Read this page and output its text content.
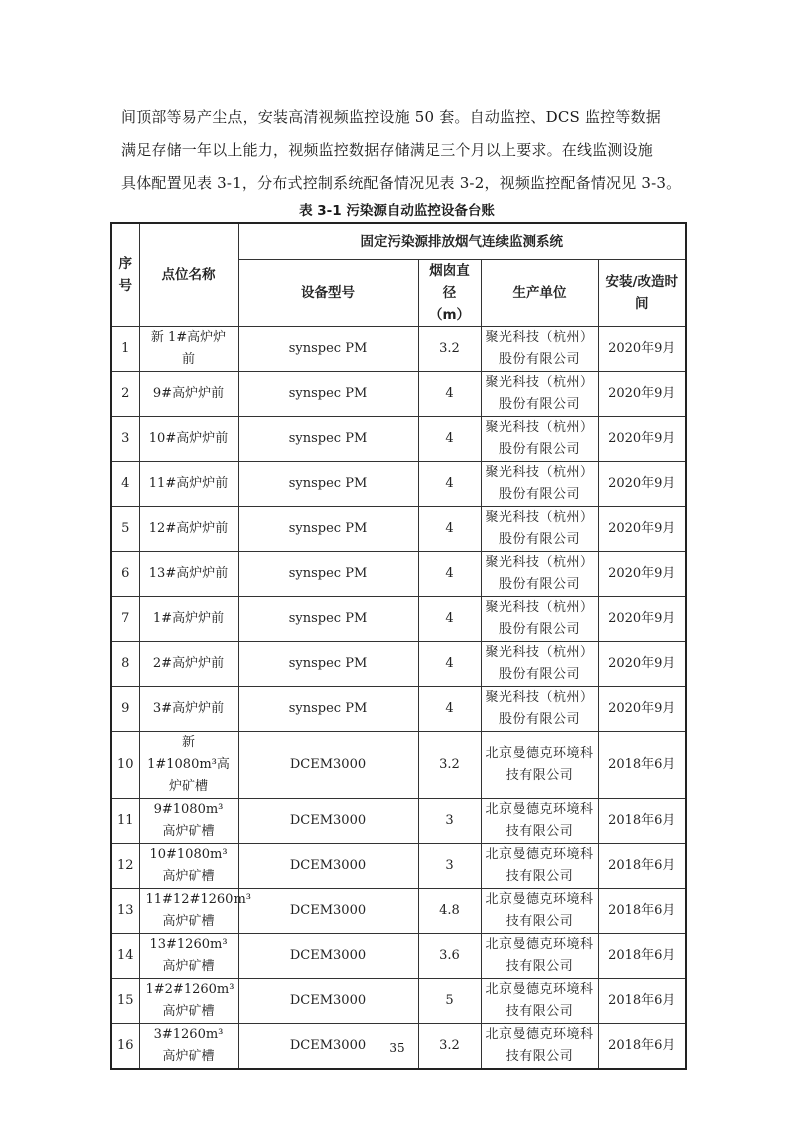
间顶部等易产尘点，安装高清视频监控设施 50 套。自动监控、DCS 监控等数据
满足存储一年以上能力，视频监控数据存储满足三个月以上要求。在线监测设施
具体配置见表 3-1，分布式控制系统配备情况见表 3-2，视频监控配备情况见 3-3。
表 3-1 污染源自动监控设备台账
序号	点位名称	固定污染源排放烟气连续监测系统			
		设备型号	烟囱直径（m）	生产单位	安装/改造时间
1	新 1#高炉炉前	synspec PM	3.2	聚光科技（杭州）股份有限公司	2020年9月
2	9#高炉炉前	synspec PM	4	聚光科技（杭州）股份有限公司	2020年9月
3	10#高炉炉前	synspec PM	4	聚光科技（杭州）股份有限公司	2020年9月
4	11#高炉炉前	synspec PM	4	聚光科技（杭州）股份有限公司	2020年9月
5	12#高炉炉前	synspec PM	4	聚光科技（杭州）股份有限公司	2020年9月
6	13#高炉炉前	synspec PM	4	聚光科技（杭州）股份有限公司	2020年9月
7	1#高炉炉前	synspec PM	4	聚光科技（杭州）股份有限公司	2020年9月
8	2#高炉炉前	synspec PM	4	聚光科技（杭州）股份有限公司	2020年9月
9	3#高炉炉前	synspec PM	4	聚光科技（杭州）股份有限公司	2020年9月
10	新 1#1080m³高炉矿槽	DCEM3000	3.2	北京曼德克环境科技有限公司	2018年6月
11	9#1080m³ 高炉矿槽	DCEM3000	3	北京曼德克环境科技有限公司	2018年6月
12	10#1080m³ 高炉矿槽	DCEM3000	3	北京曼德克环境科技有限公司	2018年6月
13	11#12#1260m³高炉矿槽	DCEM3000	4.8	北京曼德克环境科技有限公司	2018年6月
14	13#1260m³ 高炉矿槽	DCEM3000	3.6	北京曼德克环境科技有限公司	2018年6月
15	1#2#1260m³ 高炉矿槽	DCEM3000	5	北京曼德克环境科技有限公司	2018年6月
16	3#1260m³ 高炉矿槽	DCEM3000	3.2	北京曼德克环境科技有限公司	2018年6月
35
